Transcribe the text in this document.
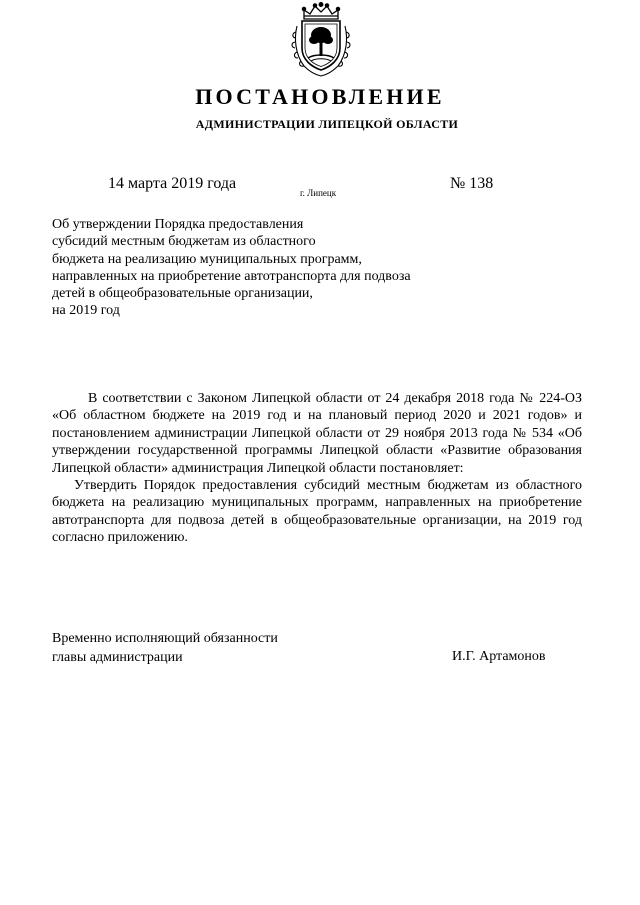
ПОСТАНОВЛЕНИЕ
АДМИНИСТРАЦИИ ЛИПЕЦКОЙ ОБЛАСТИ
14 марта 2019 года
г. Липецк
№ 138
Об утверждении Порядка предоставления
субсидий местным бюджетам из областного
бюджета на реализацию муниципальных программ,
направленных на приобретение автотранспорта для подвоза
детей в общеобразовательные организации,
на 2019 год

В соответствии с Законом Липецкой области от 24 декабря 2018 года № 224-ОЗ «Об областном бюджете на 2019 год и на плановый период 2020 и 2021 годов» и постановлением администрации Липецкой области от 29 ноября 2013 года № 534 «Об утверждении государственной программы Липецкой области «Развитие образования Липецкой области» администрация Липецкой области постановляет:

Утвердить Порядок предоставления субсидий местным бюджетам из областного бюджета на реализацию муниципальных программ, направленных на приобретение автотранспорта для подвоза детей в общеобразовательные организации, на 2019 год согласно приложению.

Временно исполняющий обязанности
главы администрации	И.Г. Артамонов
